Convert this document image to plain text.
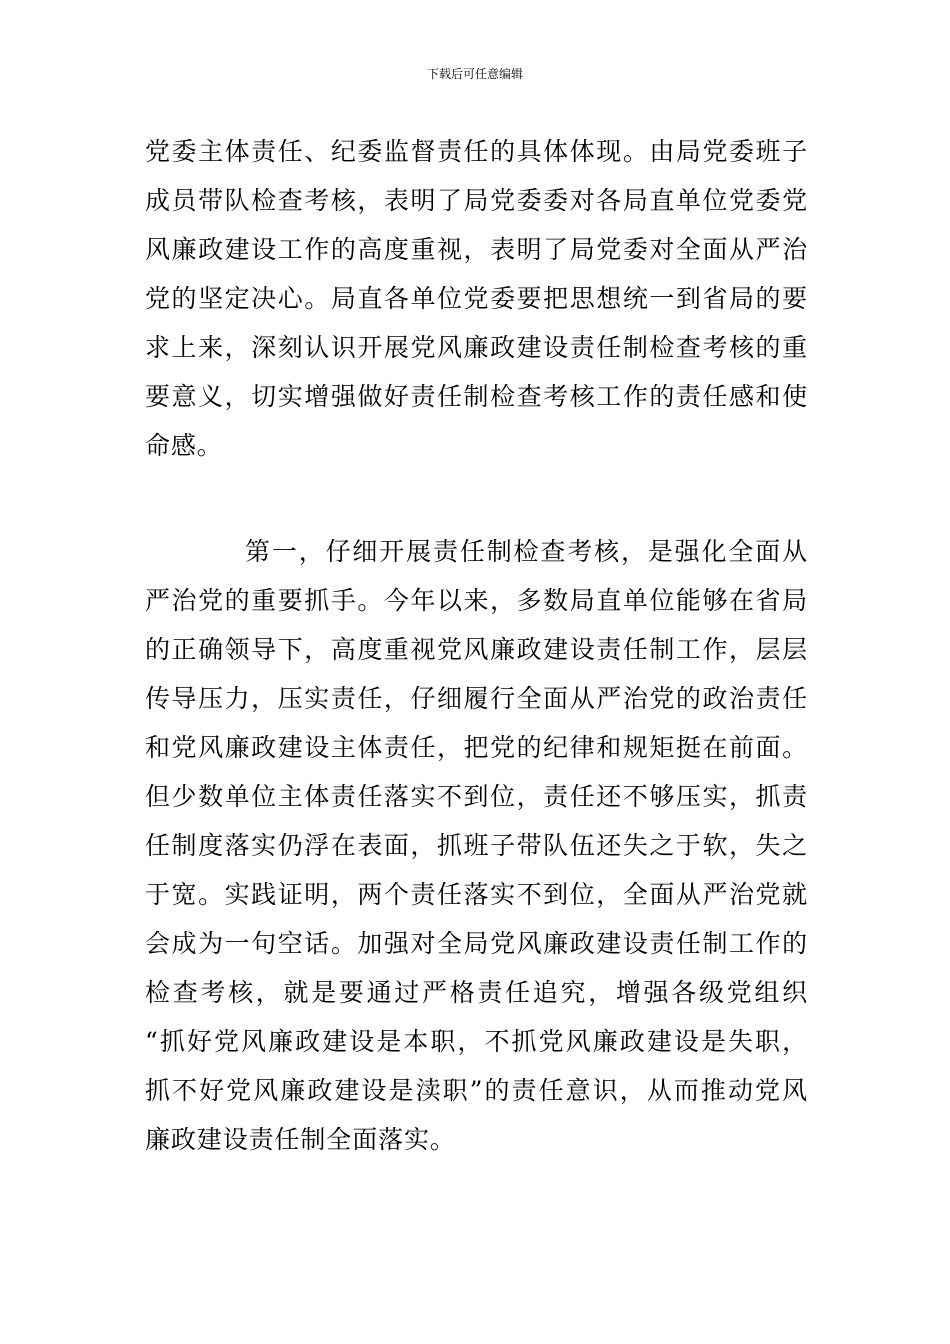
下载后可任意编辑
党委主体责任、纪委监督责任的具体体现。由局党委班子
成员带队检查考核，表明了局党委委对各局直单位党委党
风廉政建设工作的高度重视，表明了局党委对全面从严治
党的坚定决心。局直各单位党委要把思想统一到省局的要
求上来，深刻认识开展党风廉政建设责任制检查考核的重
要意义，切实增强做好责任制检查考核工作的责任感和使
命感。
第一，仔细开展责任制检查考核，是强化全面从
严治党的重要抓手。今年以来，多数局直单位能够在省局
的正确领导下，高度重视党风廉政建设责任制工作，层层
传导压力，压实责任，仔细履行全面从严治党的政治责任
和党风廉政建设主体责任，把党的纪律和规矩挺在前面。
但少数单位主体责任落实不到位，责任还不够压实，抓责
任制度落实仍浮在表面，抓班子带队伍还失之于软，失之
于宽。实践证明，两个责任落实不到位，全面从严治党就
会成为一句空话。加强对全局党风廉政建设责任制工作的
检查考核，就是要通过严格责任追究，增强各级党组织
“抓好党风廉政建设是本职，不抓党风廉政建设是失职，
抓不好党风廉政建设是渎职”的责任意识，从而推动党风
廉政建设责任制全面落实。
